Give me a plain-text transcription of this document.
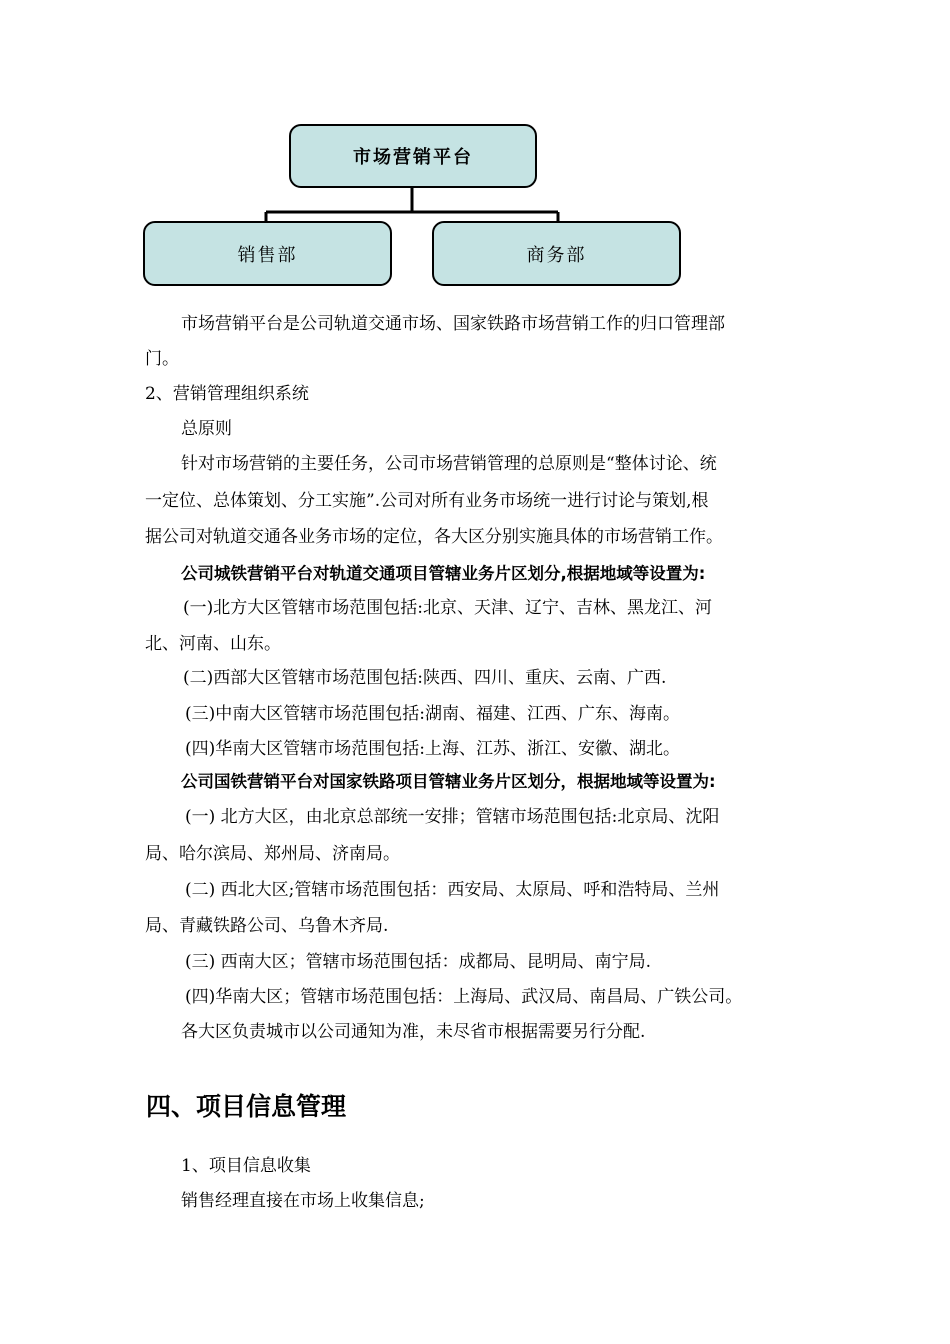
市场营销平台
销售部	商务部
市场营销平台是公司轨道交通市场、国家铁路市场营销工作的归口管理部
门。
2、营销管理组织系统
总原则
针对市场营销的主要任务，公司市场营销管理的总原则是“整体讨论、统
一定位、总体策划、分工实施”.公司对所有业务市场统一进行讨论与策划,根
据公司对轨道交通各业务市场的定位，各大区分别实施具体的市场营销工作。
公司城铁营销平台对轨道交通项目管辖业务片区划分,根据地域等设置为:
(一)北方大区管辖市场范围包括:北京、天津、辽宁、吉林、黑龙江、河
北、河南、山东。
(二)西部大区管辖市场范围包括:陕西、四川、重庆、云南、广西.
(三)中南大区管辖市场范围包括:湖南、福建、江西、广东、海南。
(四)华南大区管辖市场范围包括:上海、江苏、浙江、安徽、湖北。
公司国铁营销平台对国家铁路项目管辖业务片区划分，根据地域等设置为:
(一) 北方大区，由北京总部统一安排；管辖市场范围包括:北京局、沈阳
局、哈尔滨局、郑州局、济南局。
(二) 西北大区;管辖市场范围包括：西安局、太原局、呼和浩特局、兰州
局、青藏铁路公司、乌鲁木齐局.
(三) 西南大区；管辖市场范围包括：成都局、昆明局、南宁局.
(四)华南大区；管辖市场范围包括：上海局、武汉局、南昌局、广铁公司。
各大区负责城市以公司通知为准，未尽省市根据需要另行分配.
四、项目信息管理
1、项目信息收集
销售经理直接在市场上收集信息;
